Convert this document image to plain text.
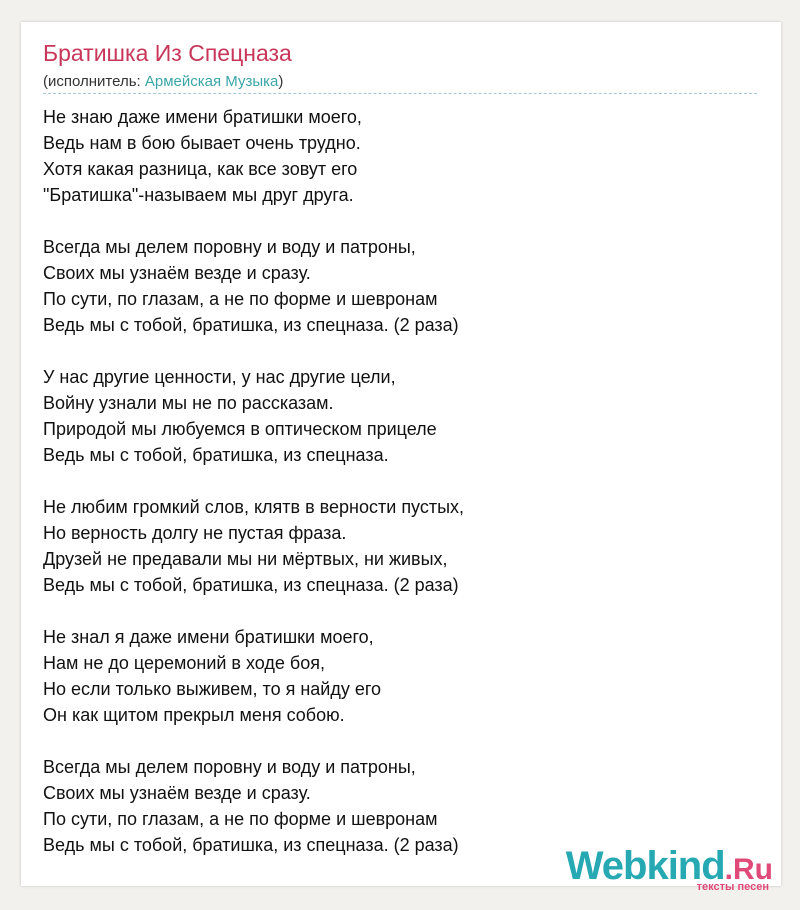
Братишка Из Спецназа
(исполнитель: Армейская Музыка)
Не знаю даже имени братишки моего,
Ведь нам в бою бывает очень трудно.
Хотя какая разница, как все зовут его
"Братишка"-называем мы друг друга.
Всегда мы делем поровну и воду и патроны,
Своих мы узнаём везде и сразу.
По сути, по глазам, а не по форме и шевронам
Ведь мы с тобой, братишка, из спецназа. (2 раза)
У нас другие ценности, у нас другие цели,
Войну узнали мы не по рассказам.
Природой мы любуемся в оптическом прицеле
Ведь мы с тобой, братишка, из спецназа.
Не любим громкий слов, клятв в верности пустых,
Но верность долгу не пустая фраза.
Друзей не предавали мы ни мёртвых, ни живых,
Ведь мы с тобой, братишка, из спецназа. (2 раза)
Не знал я даже имени братишки моего,
Нам не до церемоний в ходе боя,
Но если только выживем, то я найду его
Он как щитом прекрыл меня собою.
Всегда мы делем поровну и воду и патроны,
Своих мы узнаём везде и сразу.
По сути, по глазам, а не по форме и шевронам
Ведь мы с тобой, братишка, из спецназа. (2 раза)	Webkind.Ru
тексты песен
